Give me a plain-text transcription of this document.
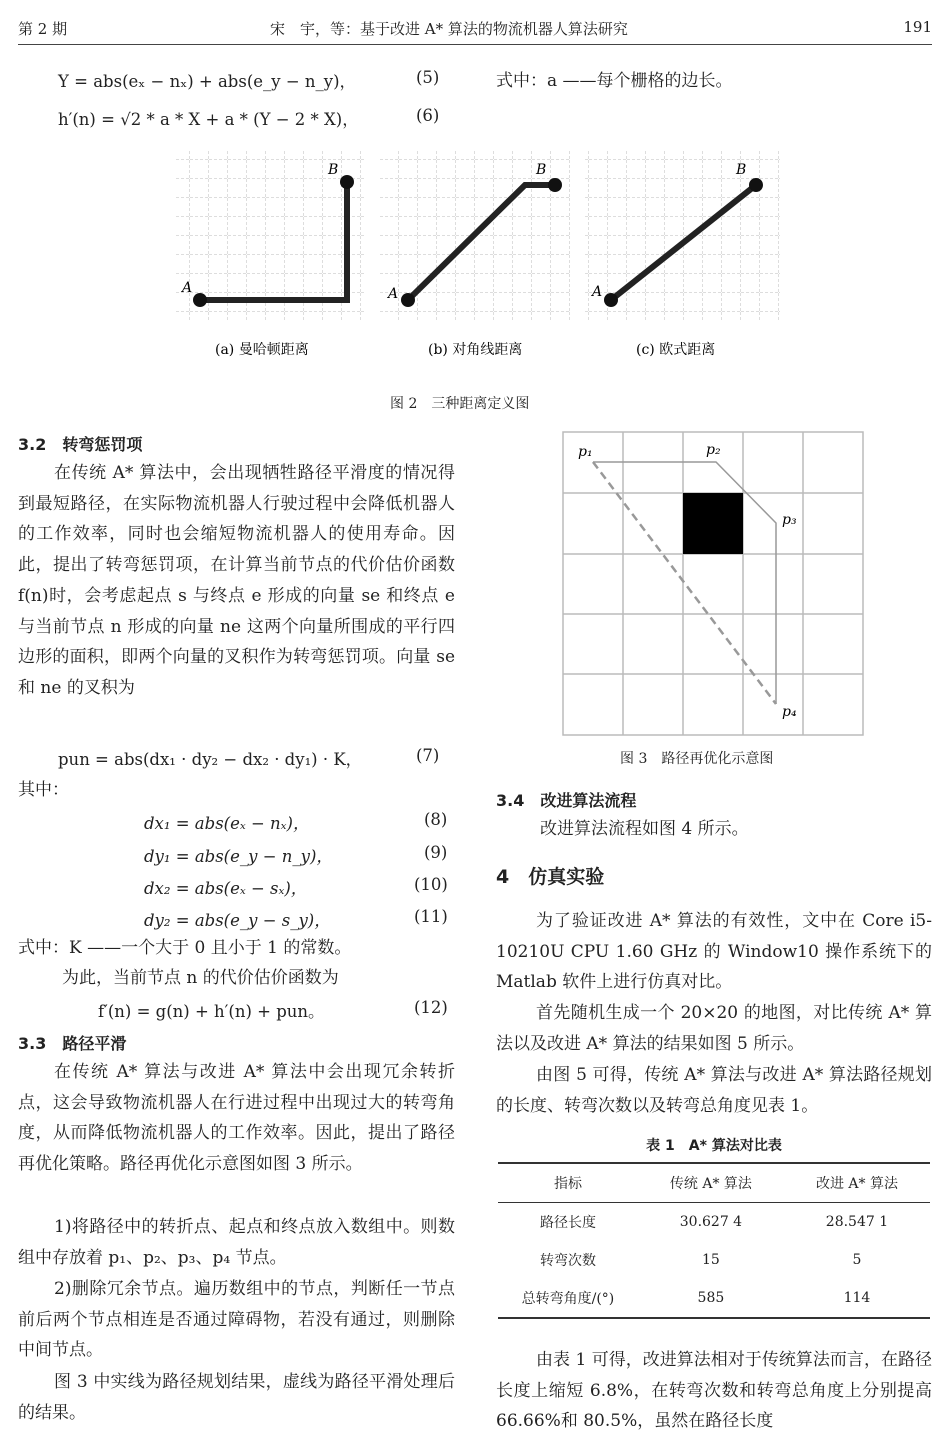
第 2 期	宋　宇，等：基于改进 A* 算法的物流机器人算法研究	191
Y = abs(eₓ − nₓ) + abs(e_y − n_y)，	(5)
h′(n) = √2 * a * X + a * (Y − 2 * X)，	(6)
式中：a ——每个栅格的边长。
A
B
A
B
A
B
(a) 曼哈顿距离	(b) 对角线距离	(c) 欧式距离
图 2　三种距离定义图
3.2　转弯惩罚项
在传统 A* 算法中，会出现牺牲路径平滑度的情况得到最短路径，在实际物流机器人行驶过程中会降低机器人的工作效率，同时也会缩短物流机器人的使用寿命。因此，提出了转弯惩罚项，在计算当前节点的代价估价函数 f(n)时，会考虑起点 s 与终点 e 形成的向量 se 和终点 e 与当前节点 n 形成的向量 ne 这两个向量所围成的平行四边形的面积，即两个向量的叉积作为转弯惩罚项。向量 se 和 ne 的叉积为
pun = abs(dx₁ · dy₂ − dx₂ · dy₁) · K，	(7)
其中：
dx₁ = abs(eₓ − nₓ)，	(8)
dy₁ = abs(e_y − n_y)，	(9)
dx₂ = abs(eₓ − sₓ)，	(10)
dy₂ = abs(e_y − s_y)，	(11)
式中：K ——一个大于 0 且小于 1 的常数。
为此，当前节点 n 的代价估价函数为
f′(n) = g(n) + h′(n) + pun。	(12)
3.3　路径平滑
在传统 A* 算法与改进 A* 算法中会出现冗余转折点，这会导致物流机器人在行进过程中出现过大的转弯角度，从而降低物流机器人的工作效率。因此，提出了路径再优化策略。路径再优化示意图如图 3 所示。
1)将路径中的转折点、起点和终点放入数组中。则数组中存放着 p₁、p₂、p₃、p₄ 节点。
2)删除冗余节点。遍历数组中的节点，判断任一节点前后两个节点相连是否通过障碍物，若没有通过，则删除中间节点。
图 3 中实线为路径规划结果，虚线为路径平滑处理后的结果。
p₁	p₂
p₃
p₄
图 3　路径再优化示意图
3.4　改进算法流程
改进算法流程如图 4 所示。
4　仿真实验
为了验证改进 A* 算法的有效性，文中在 Core i5-10210U CPU 1.60 GHz 的 Window10 操作系统下的 Matlab 软件上进行仿真对比。
首先随机生成一个 20×20 的地图，对比传统 A* 算法以及改进 A* 算法的结果如图 5 所示。
由图 5 可得，传统 A* 算法与改进 A* 算法路径规划的长度、转弯次数以及转弯总角度见表 1。
表 1　A* 算法对比表
指标	传统 A* 算法	改进 A* 算法
路径长度	30.627 4	28.547 1
转弯次数	15	5
总转弯角度/(°)	585	114
由表 1 可得，改进算法相对于传统算法而言，在路径长度上缩短 6.8%，在转弯次数和转弯总角度上分别提高 66.66%和 80.5%，虽然在路径长度
